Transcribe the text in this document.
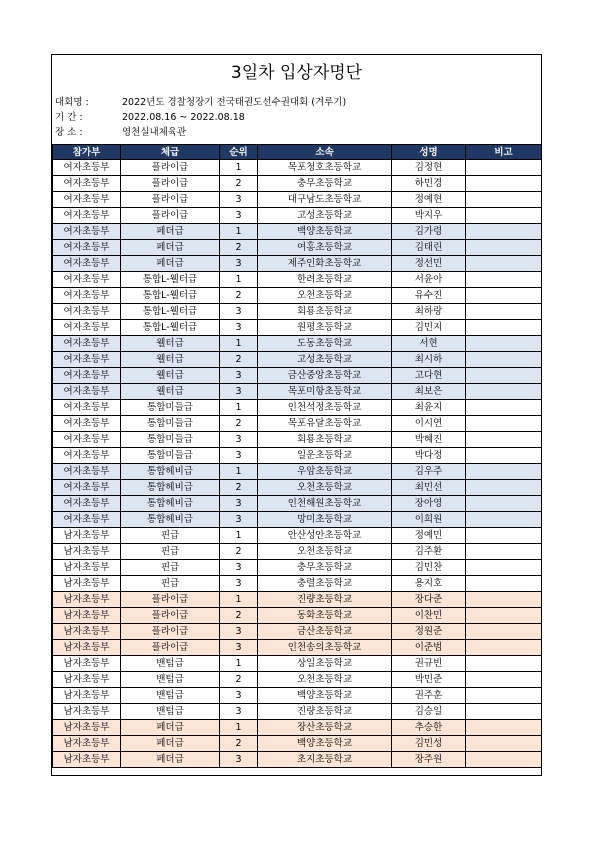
3일차 입상자명단
대회명 :	2022년도 경찰청장기 전국태권도선수권대회 (겨루기)
기 간 :	2022.08.16 ~ 2022.08.18
장 소 :	영천실내체육관
참가부	체급	순위	소속	성명	비고
여자초등부	플라이급	1	목포청호초등학교	김정현	
여자초등부	플라이급	2	충무초등학교	하민경	
여자초등부	플라이급	3	대구남도초등학교	정예현	
여자초등부	플라이급	3	고성초등학교	박지우	
여자초등부	페더급	1	백양초등학교	김가령	
여자초등부	페더급	2	여홍초등학교	김태린	
여자초등부	페더급	3	제주인화초등학교	정선민	
여자초등부	통합L-웰터급	1	한려초등학교	서윤아	
여자초등부	통합L-웰터급	2	오천초등학교	유수진	
여자초등부	통합L-웰터급	3	회룡초등학교	최하랑	
여자초등부	통합L-웰터급	3	원평초등학교	김민지	
여자초등부	웰터급	1	도동초등학교	서현	
여자초등부	웰터급	2	고성초등학교	최시하	
여자초등부	웰터급	3	금산중앙초등학교	고다현	
여자초등부	웰터급	3	목포미항초등학교	최보은	
여자초등부	통합미들급	1	인천석정초등학교	최윤지	
여자초등부	통합미들급	2	목포유달초등학교	이시연	
여자초등부	통합미들급	3	회룡초등학교	박혜진	
여자초등부	통합미들급	3	일운초등학교	박다정	
여자초등부	통합헤비급	1	우암초등학교	김우주	
여자초등부	통합헤비급	2	오천초등학교	최민선	
여자초등부	통합헤비급	3	인천해원초등학교	장아영	
여자초등부	통합헤비급	3	망미초등학교	이희원	
남자초등부	핀급	1	안산성안초등학교	정예민	
남자초등부	핀급	2	오천초등학교	김주환	
남자초등부	핀급	3	충무초등학교	김민찬	
남자초등부	핀급	3	충렬초등학교	용지호	
남자초등부	플라이급	1	진량초등학교	장다준	
남자초등부	플라이급	2	동화초등학교	이찬민	
남자초등부	플라이급	3	금산초등학교	정원준	
남자초등부	플라이급	3	인천송의초등학교	이준범	
남자초등부	밴텀급	1	상일초등학교	권규빈	
남자초등부	밴텀급	2	오천초등학교	박민준	
남자초등부	밴텀급	3	백양초등학교	권주훈	
남자초등부	밴텀급	3	진량초등학교	김승일	
남자초등부	페더급	1	장산초등학교	추승한	
남자초등부	페더급	2	백양초등학교	김민성	
남자초등부	페더급	3	초지초등학교	장주원	
